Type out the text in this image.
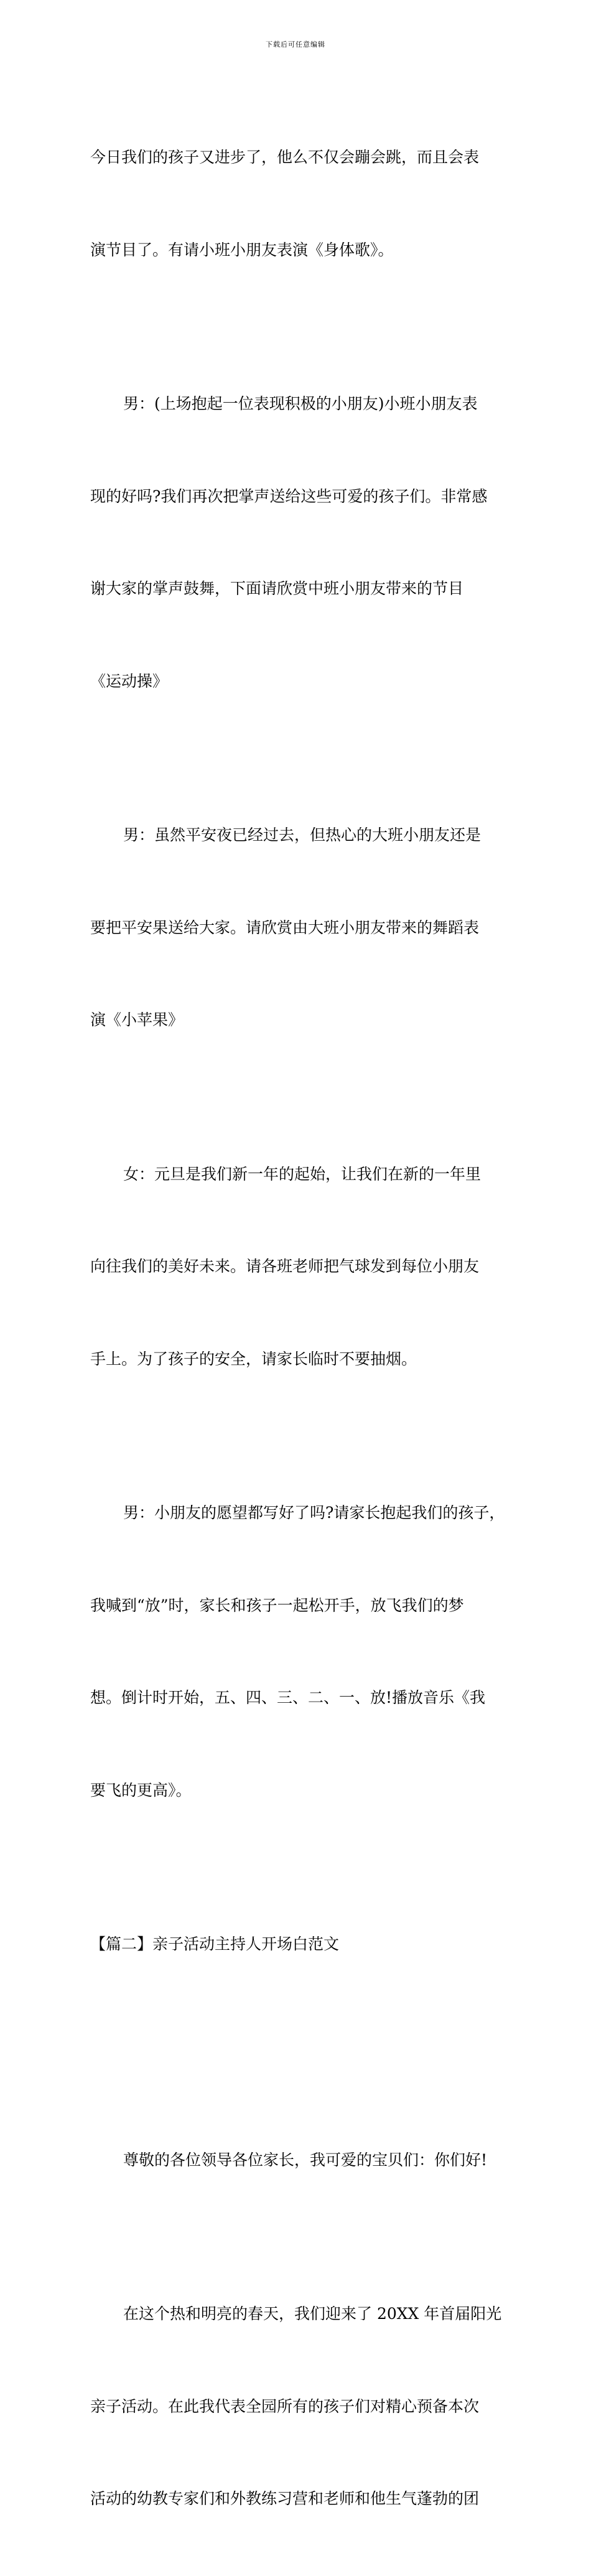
下载后可任意编辑

今日我们的孩子又进步了，他么不仅会蹦会跳，而且会表

演节目了。有请小班小朋友表演《身体歌》。

男：(上场抱起一位表现积极的小朋友)小班小朋友表

现的好吗?我们再次把掌声送给这些可爱的孩子们。非常感

谢大家的掌声鼓舞，下面请欣赏中班小朋友带来的节目

《运动操》

男：虽然平安夜已经过去，但热心的大班小朋友还是

要把平安果送给大家。请欣赏由大班小朋友带来的舞蹈表

演《小苹果》

女：元旦是我们新一年的起始，让我们在新的一年里

向往我们的美好未来。请各班老师把气球发到每位小朋友

手上。为了孩子的安全，请家长临时不要抽烟。

男：小朋友的愿望都写好了吗?请家长抱起我们的孩子，

我喊到“放”时，家长和孩子一起松开手，放飞我们的梦

想。倒计时开始，五、四、三、二、一、放!播放音乐《我

要飞的更高》。

【篇二】亲子活动主持人开场白范文

尊敬的各位领导各位家长，我可爱的宝贝们：你们好!

在这个热和明亮的春天，我们迎来了 20XX 年首届阳光

亲子活动。在此我代表全园所有的孩子们对精心预备本次

活动的幼教专家们和外教练习营和老师和他生气蓬勃的团
